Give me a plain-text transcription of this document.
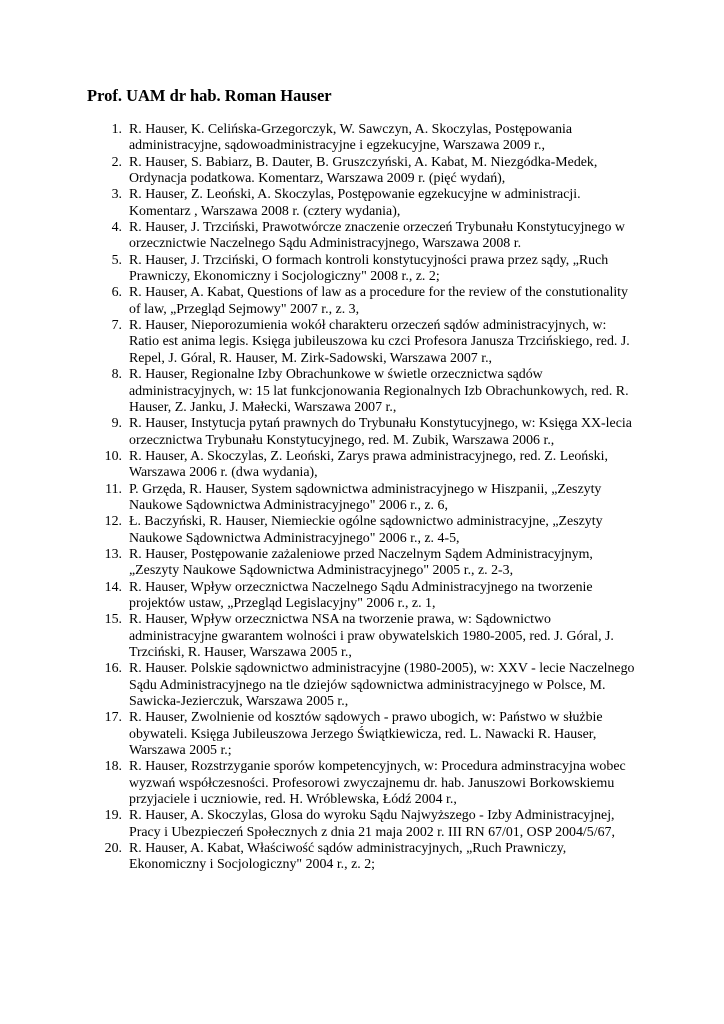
Prof. UAM dr hab. Roman Hauser
1. R. Hauser, K. Celińska-Grzegorczyk, W. Sawczyn, A. Skoczylas, Postępowania administracyjne, sądowoadministracyjne i egzekucyjne, Warszawa 2009 r.,
2. R. Hauser, S. Babiarz, B. Dauter, B. Gruszczyński, A. Kabat, M. Niezgódka-Medek, Ordynacja podatkowa. Komentarz, Warszawa 2009 r. (pięć wydań),
3. R. Hauser, Z. Leoński, A. Skoczylas, Postępowanie egzekucyjne w administracji. Komentarz , Warszawa 2008 r. (cztery wydania),
4. R. Hauser, J. Trzciński, Prawotwórcze znaczenie orzeczeń Trybunału Konstytucyjnego w orzecznictwie Naczelnego Sądu Administracyjnego, Warszawa 2008 r.
5. R. Hauser, J. Trzciński, O formach kontroli konstytucyjności prawa przez sądy, „Ruch Prawniczy, Ekonomiczny i Socjologiczny" 2008 r., z. 2;
6. R. Hauser, A. Kabat, Questions of law as a procedure for the review of the constutionality of law, „Przegląd Sejmowy" 2007 r., z. 3,
7. R. Hauser, Nieporozumienia wokół charakteru orzeczeń sądów administracyjnych, w: Ratio est anima legis. Księga jubileuszowa ku czci Profesora Janusza Trzcińskiego, red. J. Repel, J. Góral, R. Hauser, M. Zirk-Sadowski, Warszawa 2007 r.,
8. R. Hauser, Regionalne Izby Obrachunkowe w świetle orzecznictwa sądów administracyjnych, w: 15 lat funkcjonowania Regionalnych Izb Obrachunkowych, red. R. Hauser, Z. Janku, J. Małecki, Warszawa 2007 r.,
9. R. Hauser, Instytucja pytań prawnych do Trybunału Konstytucyjnego, w: Księga XX-lecia orzecznictwa Trybunału Konstytucyjnego, red. M. Zubik, Warszawa 2006 r.,
10. R. Hauser, A. Skoczylas, Z. Leoński, Zarys prawa administracyjnego, red. Z. Leoński, Warszawa 2006 r. (dwa wydania),
11. P. Grzęda, R. Hauser, System sądownictwa administracyjnego w Hiszpanii, „Zeszyty Naukowe Sądownictwa Administracyjnego" 2006 r., z. 6,
12. Ł. Baczyński, R. Hauser, Niemieckie ogólne sądownictwo administracyjne, „Zeszyty Naukowe Sądownictwa Administracyjnego" 2006 r., z. 4-5,
13. R. Hauser, Postępowanie zażaleniowe przed Naczelnym Sądem Administracyjnym, „Zeszyty Naukowe Sądownictwa Administracyjnego" 2005 r., z. 2-3,
14. R. Hauser, Wpływ orzecznictwa Naczelnego Sądu Administracyjnego na tworzenie projektów ustaw, „Przegląd Legislacyjny" 2006 r., z. 1,
15. R. Hauser, Wpływ orzecznictwa NSA na tworzenie prawa, w: Sądownictwo administracyjne gwarantem wolności i praw obywatelskich 1980-2005, red. J. Góral, J. Trzciński, R. Hauser, Warszawa 2005 r.,
16. R. Hauser. Polskie sądownictwo administracyjne (1980-2005), w: XXV - lecie Naczelnego Sądu Administracyjnego na tle dziejów sądownictwa administracyjnego w Polsce, M. Sawicka-Jezierczuk, Warszawa 2005 r.,
17. R. Hauser, Zwolnienie od kosztów sądowych - prawo ubogich, w: Państwo w służbie obywateli. Księga Jubileuszowa Jerzego Świątkiewicza, red. L. Nawacki R. Hauser, Warszawa 2005 r.;
18. R. Hauser, Rozstrzyganie sporów kompetencyjnych, w: Procedura adminstracyjna wobec wyzwań współczesności. Profesorowi zwyczajnemu dr. hab. Januszowi Borkowskiemu przyjaciele i uczniowie, red. H. Wróblewska, Łódź 2004 r.,
19. R. Hauser, A. Skoczylas, Glosa do wyroku Sądu Najwyższego - Izby Administracyjnej, Pracy i Ubezpieczeń Społecznych z dnia 21 maja 2002 r. III RN 67/01, OSP 2004/5/67,
20. R. Hauser, A. Kabat, Właściwość sądów administracyjnych, „Ruch Prawniczy, Ekonomiczny i Socjologiczny" 2004 r., z. 2;
